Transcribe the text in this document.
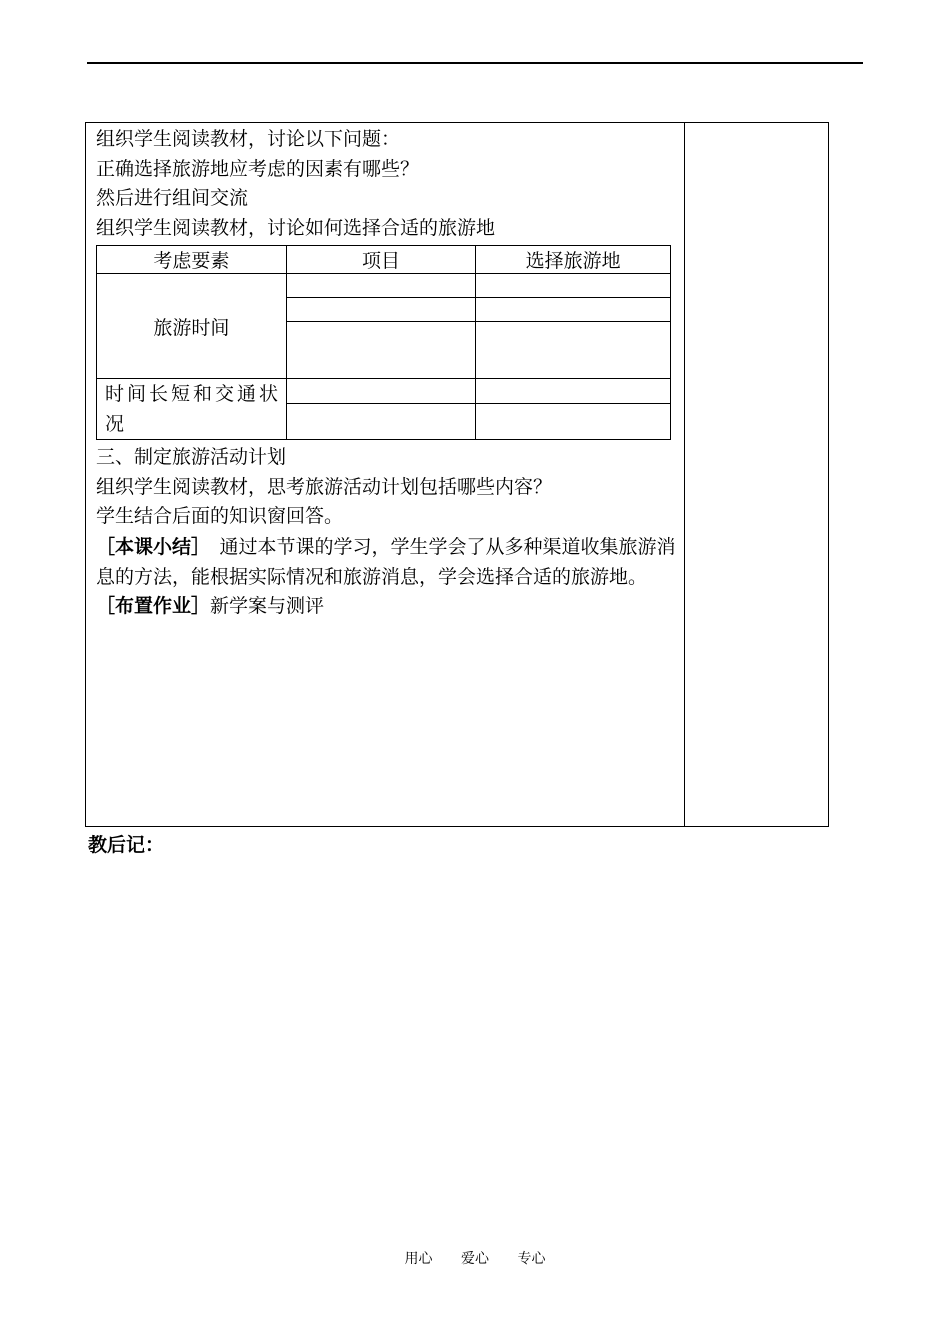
组织学生阅读教材，讨论以下问题：
正确选择旅游地应考虑的因素有哪些？
然后进行组间交流
组织学生阅读教材，讨论如何选择合适的旅游地
考虑要素	项目	选择旅游地
旅游时间		

时间长短和交通状况		

三、制定旅游活动计划
组织学生阅读教材，思考旅游活动计划包括哪些内容？
学生结合后面的知识窗回答。
［本课小结］　通过本节课的学习，学生学会了从多种渠道收集旅游消息的方法，能根据实际情况和旅游消息，学会选择合适的旅游地。
［布置作业］新学案与测评
教后记：
用心 爱心 专心
